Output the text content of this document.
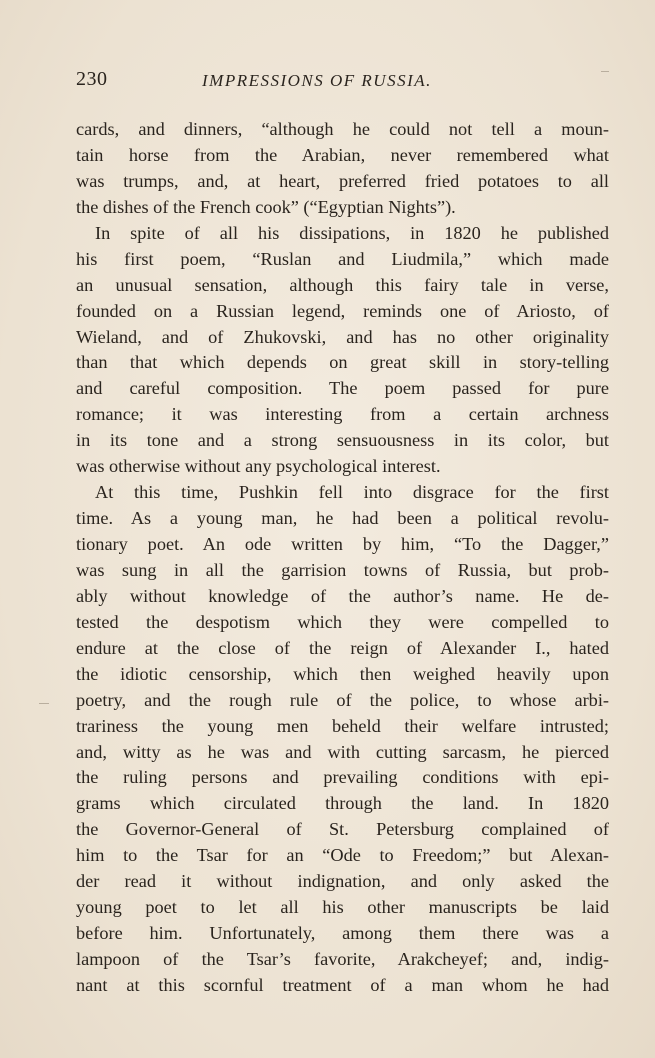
230	IMPRESSIONS OF RUSSIA.
cards, and dinners, “although he could not tell a moun-
tain horse from the Arabian, never remembered what
was trumps, and, at heart, preferred fried potatoes to all
the dishes of the French cook” (“Egyptian Nights”).
In spite of all his dissipations, in 1820 he published
his first poem, “Ruslan and Liudmila,” which made
an unusual sensation, although this fairy tale in verse,
founded on a Russian legend, reminds one of Ariosto, of
Wieland, and of Zhukovski, and has no other originality
than that which depends on great skill in story-telling
and careful composition. The poem passed for pure
romance; it was interesting from a certain archness
in its tone and a strong sensuousness in its color, but
was otherwise without any psychological interest.
At this time, Pushkin fell into disgrace for the first
time. As a young man, he had been a political revolu-
tionary poet. An ode written by him, “To the Dagger,”
was sung in all the garrision towns of Russia, but prob-
ably without knowledge of the author’s name. He de-
tested the despotism which they were compelled to
endure at the close of the reign of Alexander I., hated
the idiotic censorship, which then weighed heavily upon
poetry, and the rough rule of the police, to whose arbi-
trariness the young men beheld their welfare intrusted;
and, witty as he was and with cutting sarcasm, he pierced
the ruling persons and prevailing conditions with epi-
grams which circulated through the land. In 1820
the Governor-General of St. Petersburg complained of
him to the Tsar for an “Ode to Freedom;” but Alexan-
der read it without indignation, and only asked the
young poet to let all his other manuscripts be laid
before him. Unfortunately, among them there was a
lampoon of the Tsar’s favorite, Arakcheyef; and, indig-
nant at this scornful treatment of a man whom he had
